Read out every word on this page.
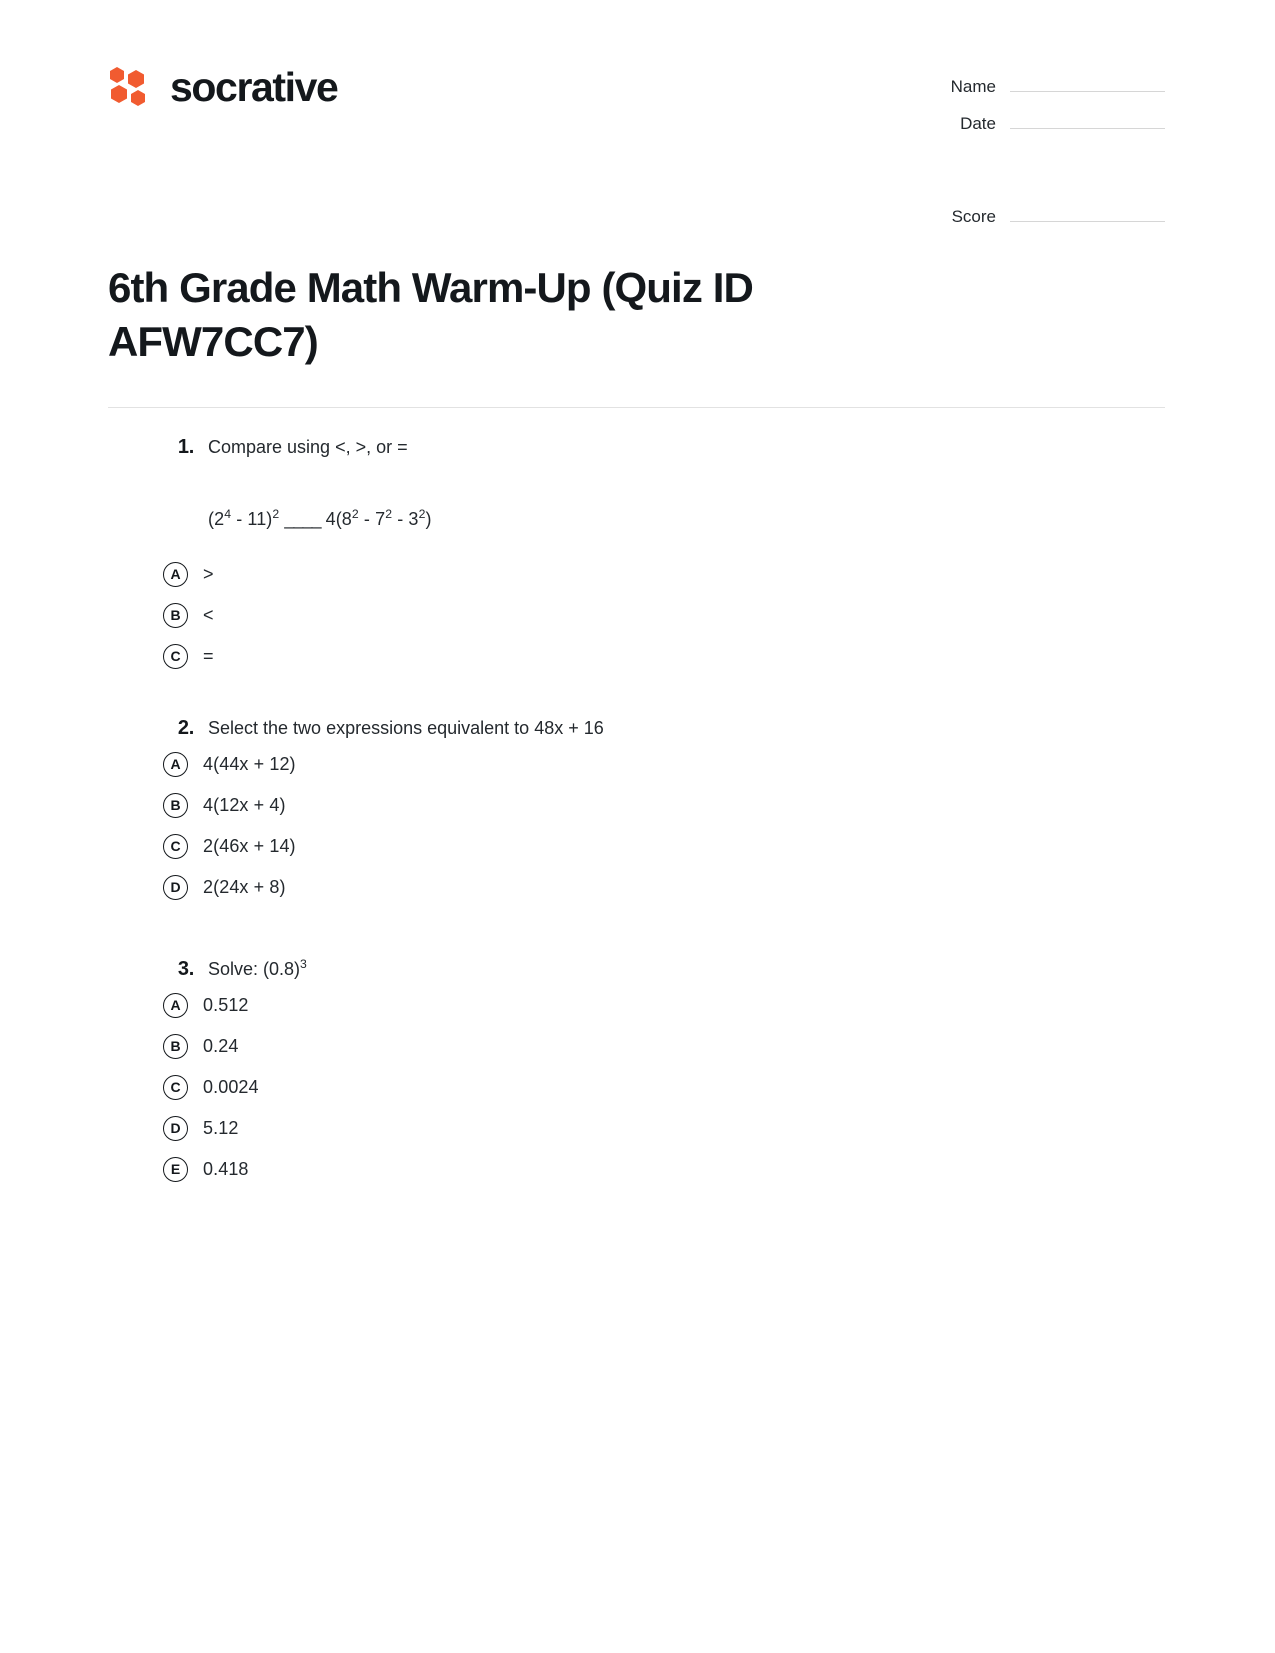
socrative	Name
Date
Score
6th Grade Math Warm-Up (Quiz ID AFW7CC7)
1. Compare using <, >, or =
$(2^4 - 11)^2$ ____ $4(8^2 - 7^2 - 3^2)$
A	>
B	<
C	=
2. Select the two expressions equivalent to 48x + 16
A	4(44x + 12)
B	4(12x + 4)
C	2(46x + 14)
D	2(24x + 8)
3. Solve: $(0.8)^3$
A	0.512
B	0.24
C	0.0024
D	5.12
E	0.418
